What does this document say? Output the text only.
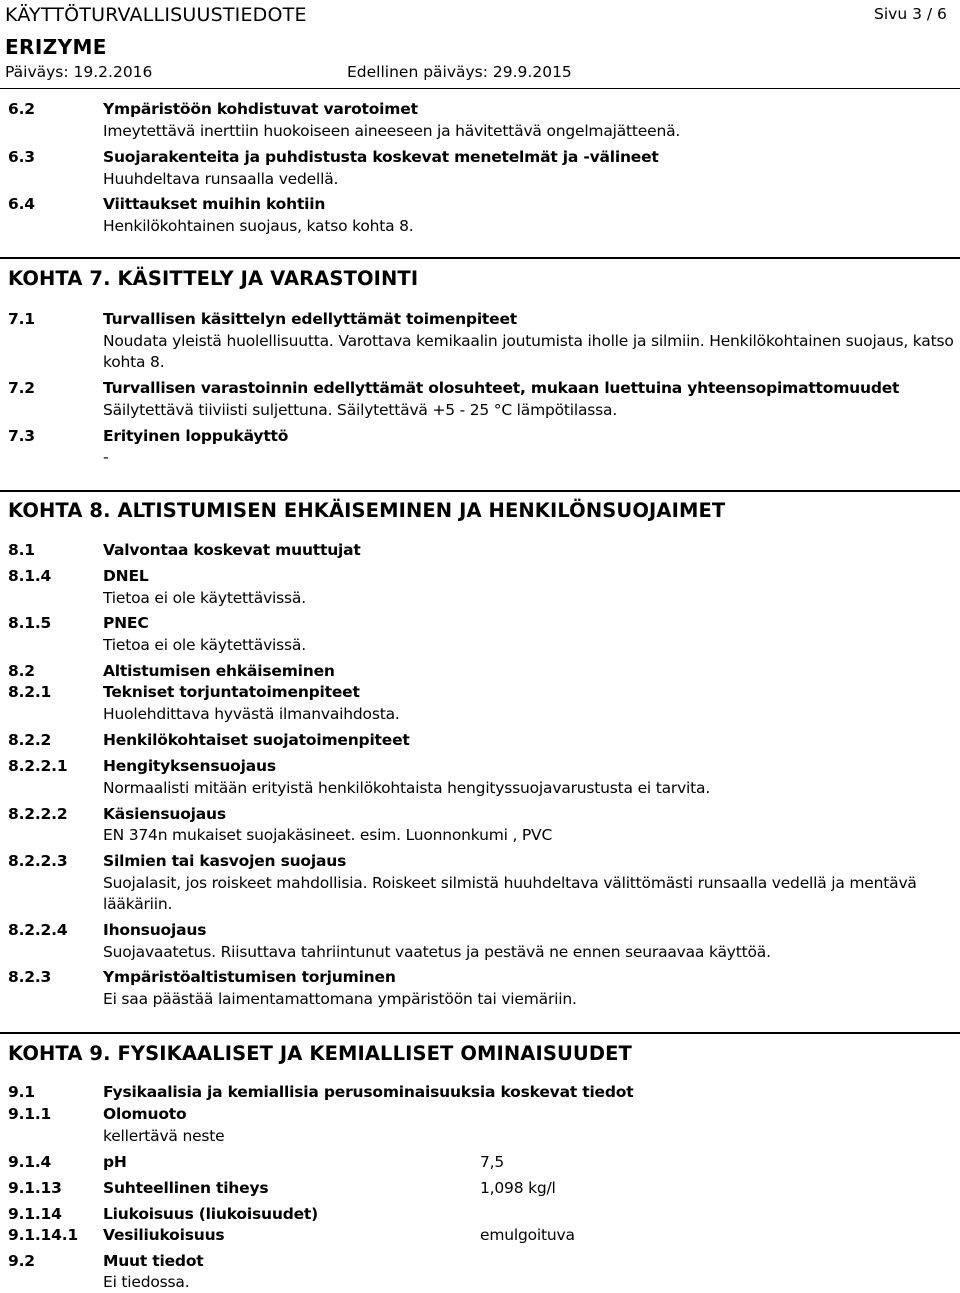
KÄYTTÖTURVALLISUUSTIEDOTE	Sivu 3 / 6
ERIZYME
Päiväys: 19.2.2016	Edellinen päiväys: 29.9.2015
6.2	Ympäristöön kohdistuvat varotoimet
Imeytettävä inerttiin huokoiseen aineeseen ja hävitettävä ongelmajätteenä.
6.3	Suojarakenteita ja puhdistusta koskevat menetelmät ja -välineet
Huuhdeltava runsaalla vedellä.
6.4	Viittaukset muihin kohtiin
Henkilökohtainen suojaus, katso kohta 8.
KOHTA 7. KÄSITTELY JA VARASTOINTI
7.1	Turvallisen käsittelyn edellyttämät toimenpiteet
Noudata yleistä huolellisuutta. Varottava kemikaalin joutumista iholle ja silmiin. Henkilökohtainen suojaus, katso
kohta 8.
7.2	Turvallisen varastoinnin edellyttämät olosuhteet, mukaan luettuina yhteensopimattomuudet
Säilytettävä tiiviisti suljettuna. Säilytettävä +5 - 25 °C lämpötilassa.
7.3	Erityinen loppukäyttö
-
KOHTA 8. ALTISTUMISEN EHKÄISEMINEN JA HENKILÖNSUOJAIMET
8.1	Valvontaa koskevat muuttujat
8.1.4	DNEL
Tietoa ei ole käytettävissä.
8.1.5	PNEC
Tietoa ei ole käytettävissä.
8.2	Altistumisen ehkäiseminen
8.2.1	Tekniset torjuntatoimenpiteet
Huolehdittava hyvästä ilmanvaihdosta.
8.2.2	Henkilökohtaiset suojatoimenpiteet
8.2.2.1 Hengityksensuojaus
Normaalisti mitään erityistä henkilökohtaista hengityssuojavarustusta ei tarvita.
8.2.2.2 Käsiensuojaus
EN 374n mukaiset suojakäsineet. esim. Luonnonkumi , PVC
8.2.2.3 Silmien tai kasvojen suojaus
Suojalasit, jos roiskeet mahdollisia. Roiskeet silmistä huuhdeltava välittömästi runsaalla vedellä ja mentävä
lääkäriin.
8.2.2.4 Ihonsuojaus
Suojavaatetus. Riisuttava tahriintunut vaatetus ja pestävä ne ennen seuraavaa käyttöä.
8.2.3	Ympäristöaltistumisen torjuminen
Ei saa päästää laimentamattomana ympäristöön tai viemäriin.
KOHTA 9. FYSIKAALISET JA KEMIALLISET OMINAISUUDET
9.1	Fysikaalisia ja kemiallisia perusominaisuuksia koskevat tiedot
9.1.1	Olomuoto
kellertävä neste
9.1.4	pH	7,5
9.1.13	Suhteellinen tiheys	1,098 kg/l
9.1.14	Liukoisuus (liukoisuudet)
9.1.14.1 Vesiliukoisuus	emulgoituva
9.2	Muut tiedot
Ei tiedossa.
